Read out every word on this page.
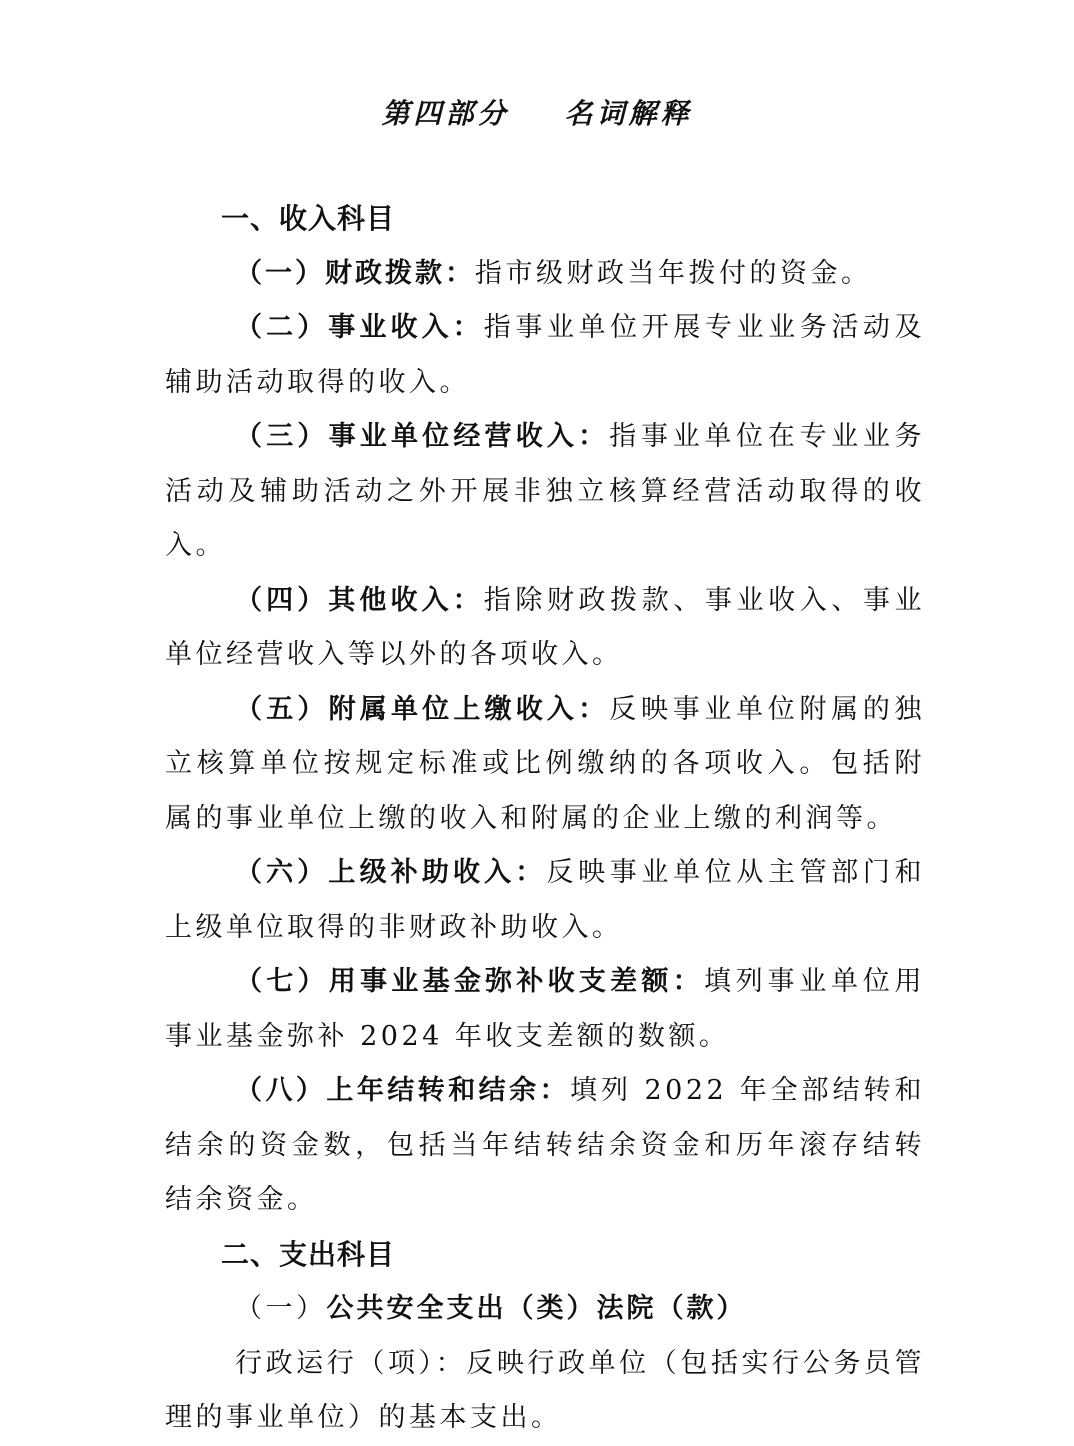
第四部分    名词解释
一、收入科目

（一）财政拨款：指市级财政当年拨付的资金。

（二）事业收入：指事业单位开展专业业务活动及辅助活动取得的收入。

（三）事业单位经营收入：指事业单位在专业业务活动及辅助活动之外开展非独立核算经营活动取得的收入。

（四）其他收入：指除财政拨款、事业收入、事业单位经营收入等以外的各项收入。

（五）附属单位上缴收入：反映事业单位附属的独立核算单位按规定标准或比例缴纳的各项收入。包括附属的事业单位上缴的收入和附属的企业上缴的利润等。

（六）上级补助收入：反映事业单位从主管部门和上级单位取得的非财政补助收入。

（七）用事业基金弥补收支差额：填列事业单位用事业基金弥补 2024 年收支差额的数额。

（八）上年结转和结余：填列 2022 年全部结转和结余的资金数，包括当年结转结余资金和历年滚存结转结余资金。

二、支出科目

（一）公共安全支出（类）法院（款）

行政运行（项）：反映行政单位（包括实行公务员管理的事业单位）的基本支出。
